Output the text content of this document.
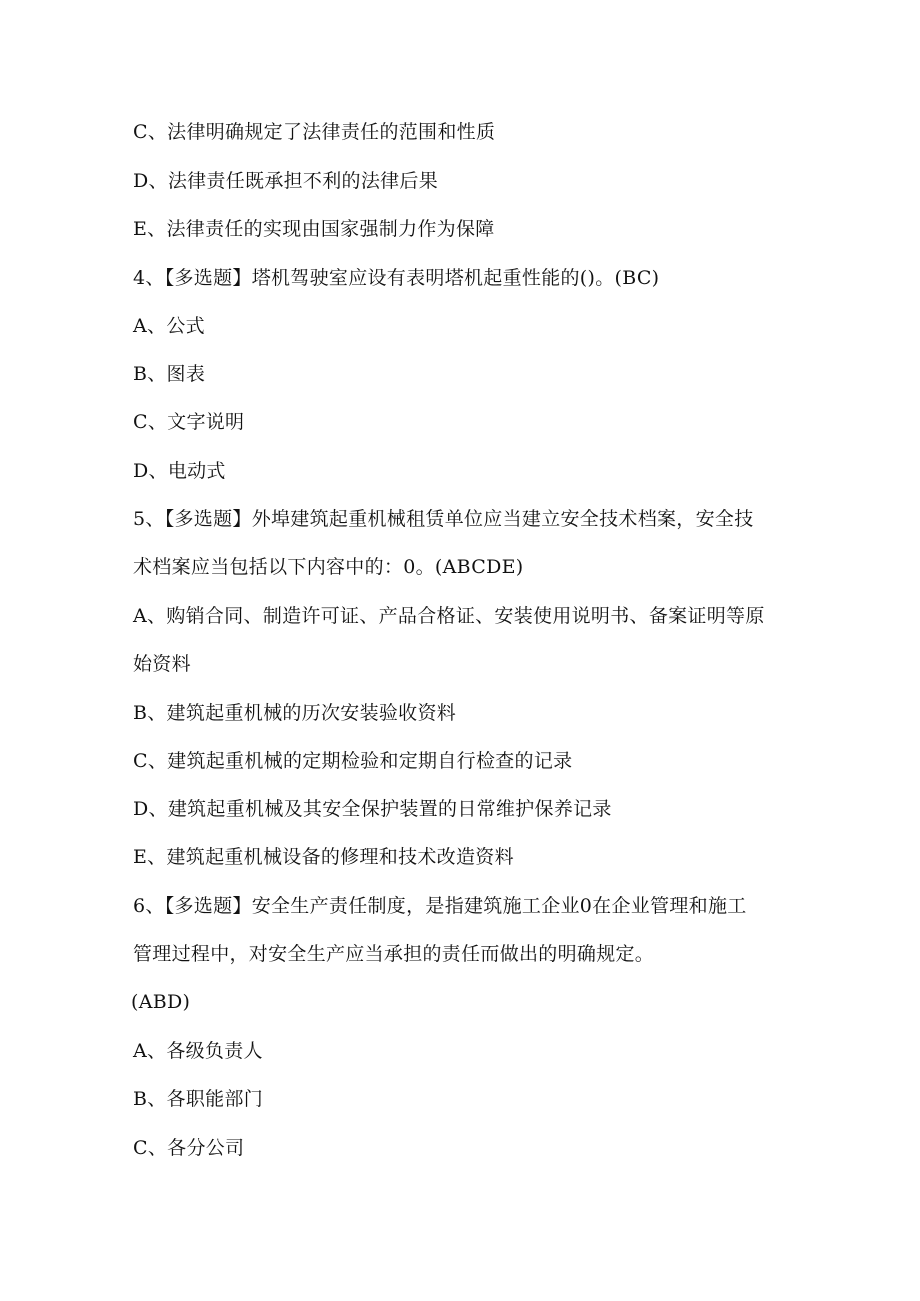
C、法律明确规定了法律责任的范围和性质
D、法律责任既承担不利的法律后果
E、法律责任的实现由国家强制力作为保障
4、【多选题】塔机驾驶室应设有表明塔机起重性能的()。(BC)
A、公式
B、图表
C、文字说明
D、电动式
5、【多选题】外埠建筑起重机械租赁单位应当建立安全技术档案，安全技
术档案应当包括以下内容中的：0。(ABCDE)
A、购销合同、制造许可证、产品合格证、安装使用说明书、备案证明等原
始资料
B、建筑起重机械的历次安装验收资料
C、建筑起重机械的定期检验和定期自行检查的记录
D、建筑起重机械及其安全保护装置的日常维护保养记录
E、建筑起重机械设备的修理和技术改造资料
6、【多选题】安全生产责任制度，是指建筑施工企业0在企业管理和施工
管理过程中，对安全生产应当承担的责任而做出的明确规定。
(ABD)
A、各级负责人
B、各职能部门
C、各分公司
